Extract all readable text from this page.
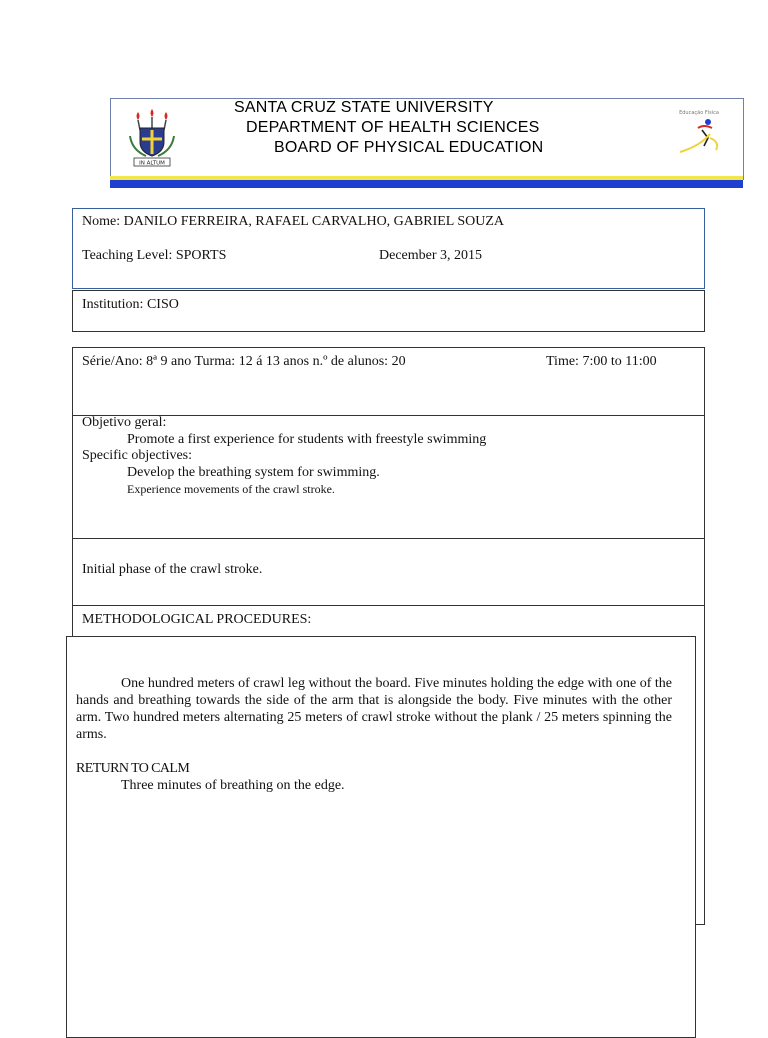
IN ALTUM
SANTA CRUZ STATE UNIVERSITY
DEPARTMENT OF HEALTH SCIENCES
BOARD OF PHYSICAL EDUCATION
Educação Física
Nome: DANILO FERREIRA, RAFAEL CARVALHO, GABRIEL SOUZA
Teaching Level: SPORTS	December 3, 2015
Institution: CISO
Série/Ano: 8ª 9 ano Turma: 12 á 13 anos n.º de alunos: 20	Time: 7:00 to 11:00
Objetivo geral:
Promote a first experience for students with freestyle swimming
Specific objectives:
Develop the breathing system for swimming.
Experience movements of the crawl stroke.
Initial phase of the crawl stroke.
METHODOLOGICAL PROCEDURES:
One hundred meters of crawl leg without the board. Five minutes holding the edge with one of the hands and breathing towards the side of the arm that is alongside the body. Five minutes with the other arm. Two hundred meters alternating 25 meters of crawl stroke without the plank / 25 meters spinning the arms.
RETURN TO CALM
Three minutes of breathing on the edge.
